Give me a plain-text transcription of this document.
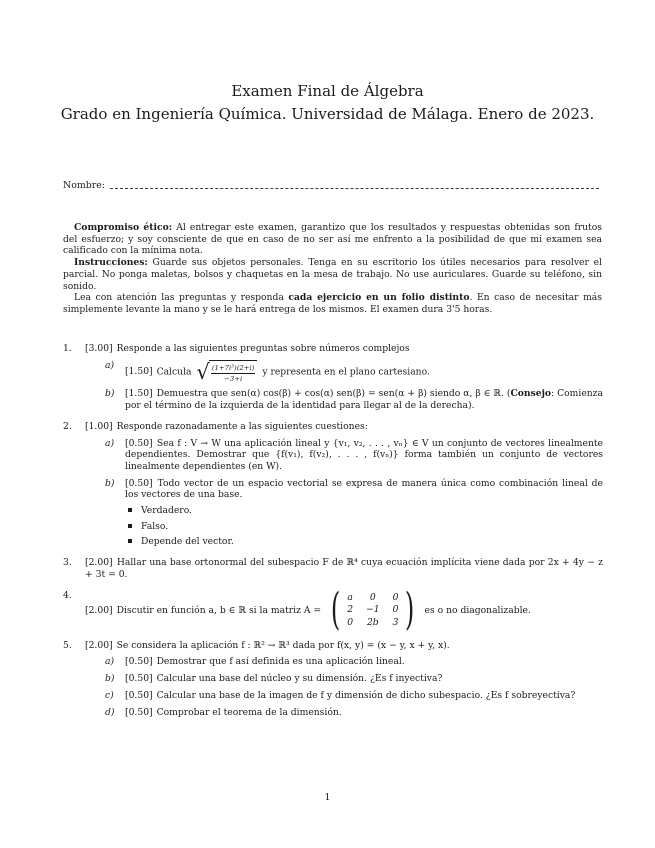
Examen Final de Álgebra
Grado en Ingeniería Química. Universidad de Málaga. Enero de 2023.
Nombre:

Compromiso ético: Al entregar este examen, garantizo que los resultados y respuestas obtenidas son frutos del esfuerzo; y soy consciente de que en caso de no ser así me enfrento a la posibilidad de que mi examen sea calificado con la mínima nota.

Instrucciones: Guarde sus objetos personales. Tenga en su escritorio los útiles necesarios para resolver el parcial. No ponga maletas, bolsos y chaquetas en la mesa de trabajo. No use auriculares. Guarde su teléfono, sin sonido.

Lea con atención las preguntas y responda cada ejercicio en un folio distinto. En caso de necesitar más simplemente levante la mano y se le hará entrega de los mismos. El examen dura 3'5 horas.

1.	[3.00] Responde a las siguientes preguntas sobre números complejos
a)
[1.50] Calcula √ $\frac{\text{(1+7i⁵)(2+i)}}{-3+i}$ y representa en el plano cartesiano.
b)	[1.50] Demuestra que sen(α) cos(β) + cos(α) sen(β) = sen(α + β) siendo α, β ∈ ℝ. (Consejo: Comienza por el término de la izquierda de la identidad para llegar al de la derecha).
2.	[1.00] Responde razonadamente a las siguientes cuestiones:
a)	[0.50] Sea f : V → W una aplicación lineal y {v₁, v₂, . . . , vₙ} ∈ V un conjunto de vectores linealmente dependientes. Demostrar que {f(v₁), f(v₂), . . . , f(vₙ)} forma también un conjunto de vectores linealmente dependientes (en W).
b)	[0.50] Todo vector de un espacio vectorial se expresa de manera única como combinación lineal de los vectores de una base.
Verdadero.
Falso.
Depende del vector.
3.	[2.00] Hallar una base ortonormal del subespacio F de ℝ⁴ cuya ecuación implícita viene dada por 2x + 4y − z + 3t = 0.
4.
[2.00] Discutir en función a, b ∈ ℝ si la matriz A = ( a 0 0
2 −1 0
0 2b 3 ) es o no diagonalizable.
5.	[2.00] Se considera la aplicación f : ℝ² → ℝ³ dada por f(x, y) = (x − y, x + y, x).
a)	[0.50] Demostrar que f así definida es una aplicación lineal.
b)	[0.50] Calcular una base del núcleo y su dimensión. ¿Es f inyectiva?
c)	[0.50] Calcular una base de la imagen de f y dimensión de dicho subespacio. ¿Es f sobreyectiva?
d)	[0.50] Comprobar el teorema de la dimensión.
1
